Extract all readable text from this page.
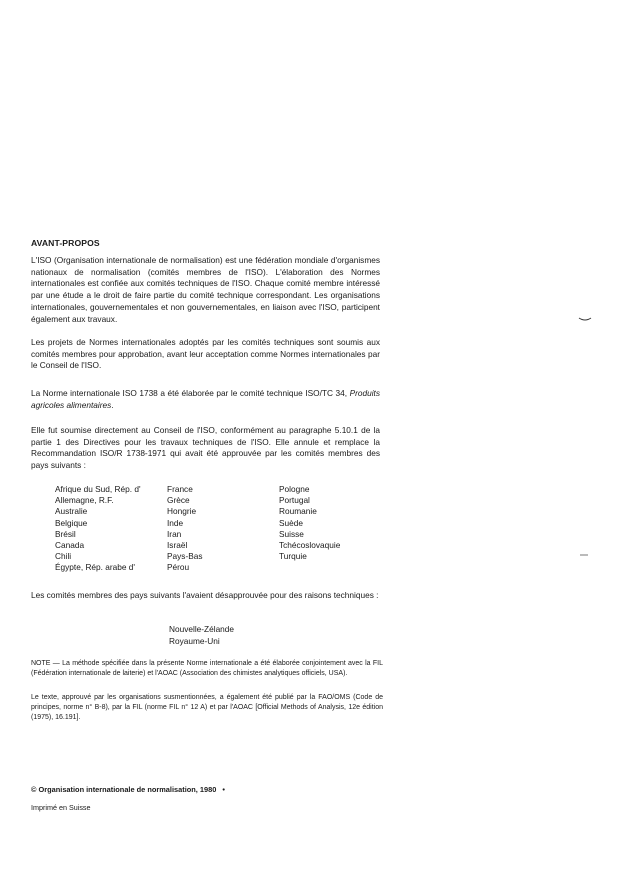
AVANT-PROPOS

L'ISO (Organisation internationale de normalisation) est une fédération mondiale d'organismes nationaux de normalisation (comités membres de l'ISO). L'élaboration des Normes internationales est confiée aux comités techniques de l'ISO. Chaque comité membre intéressé par une étude a le droit de faire partie du comité technique correspondant. Les organisations internationales, gouvernementales et non gouvernementales, en liaison avec l'ISO, participent également aux travaux.

Les projets de Normes internationales adoptés par les comités techniques sont soumis aux comités membres pour approbation, avant leur acceptation comme Normes internationales par le Conseil de l'ISO.

La Norme internationale ISO 1738 a été élaborée par le comité technique ISO/TC 34, Produits agricoles alimentaires.

Elle fut soumise directement au Conseil de l'ISO, conformément au paragraphe 5.10.1 de la partie 1 des Directives pour les travaux techniques de l'ISO. Elle annule et remplace la Recommandation ISO/R 1738-1971 qui avait été approuvée par les comités membres des pays suivants :

Afrique du Sud, Rép. d'
Allemagne, R.F.
Australie
Belgique
Brésil
Canada
Chili
Égypte, Rép. arabe d'
France
Grèce
Hongrie
Inde
Iran
Israël
Pays-Bas
Pérou
Pologne
Portugal
Roumanie
Suède
Suisse
Tchécoslovaquie
Turquie

Les comités membres des pays suivants l'avaient désapprouvée pour des raisons techniques :

Nouvelle-Zélande
Royaume-Uni

NOTE — La méthode spécifiée dans la présente Norme internationale a été élaborée conjointement avec la FIL (Fédération internationale de laiterie) et l'AOAC (Association des chimistes analytiques officiels, USA).

Le texte, approuvé par les organisations susmentionnées, a également été publié par la FAO/OMS (Code de principes, norme n° B-8), par la FIL (norme FIL n° 12 A) et par l'AOAC [Official Methods of Analysis, 12e édition (1975), 16.191].

© Organisation internationale de normalisation, 1980 •
Imprimé en Suisse
